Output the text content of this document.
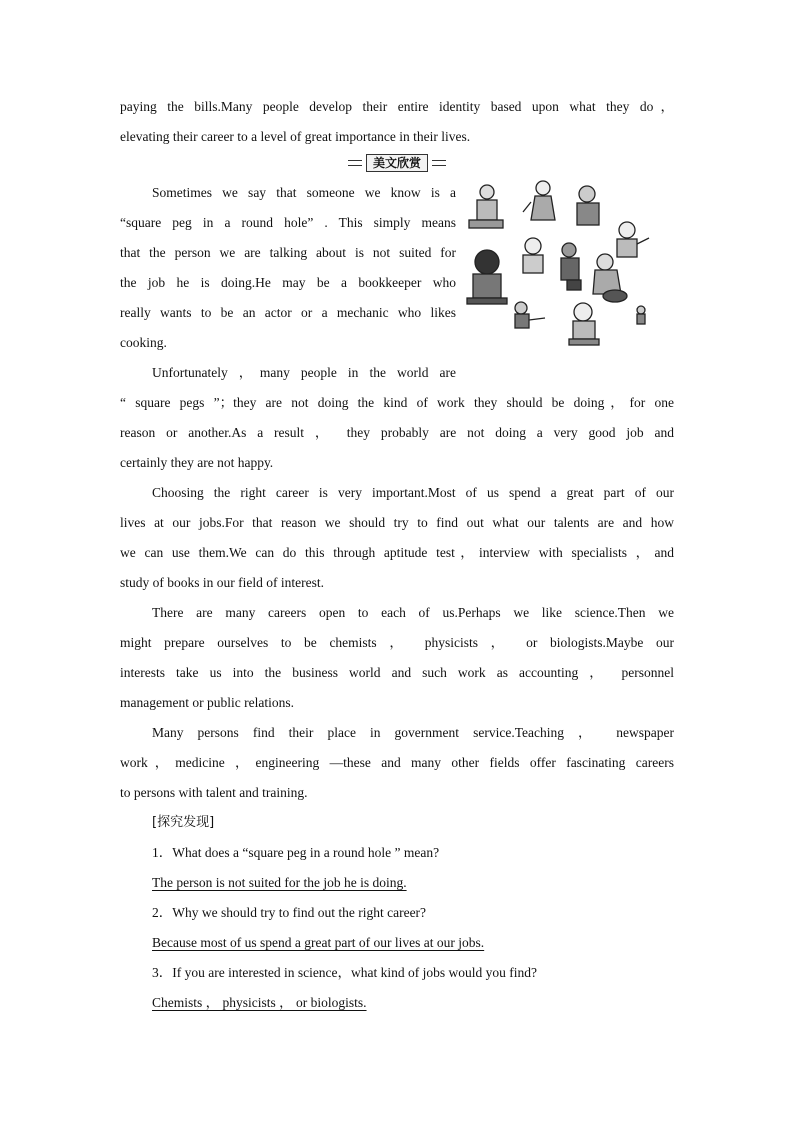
paying the bills.Many people develop their entire identity based upon what they do，
elevating their career to a level of great importance in their lives.

美文欣赏

Sometimes we say that someone we know is a
“square peg in a round hole” . This simply means
that the person we are talking about is not suited for
the job he is doing.He may be a bookkeeper who
really wants to be an actor or a mechanic who likes
cooking.

Unfortunately ，many people in the world are

“ square pegs ”；they are not doing the kind of work they should be doing，for one
reason or another.As a result ， they probably are not doing a very good job and
certainly they are not happy.

Choosing the right career is very important.Most of us spend a great part of our
lives at our jobs.For that reason we should try to find out what our talents are and how
we can use them.We can do this through aptitude test，interview with specialists ，and
study of books in our field of interest.

There are many careers open to each of us.Perhaps we like science.Then we
might prepare ourselves to be chemists ， physicists ， or biologists.Maybe our
interests take us into the business world and such work as accounting ， personnel
management or public relations.

Many persons find their place in government service.Teaching ， newspaper
work，medicine ，engineering —these and many other fields offer fascinating careers
to persons with talent and training.

[探究发现]

1．What does a “square peg in a round hole ” mean?

The person is not suited for the job he is doing.

2．Why we should try to find out the right career?

Because most of us spend a great part of our lives at our jobs.

3．If you are interested in science，what kind of jobs would you find?

Chemists ， physicists ， or biologists.
